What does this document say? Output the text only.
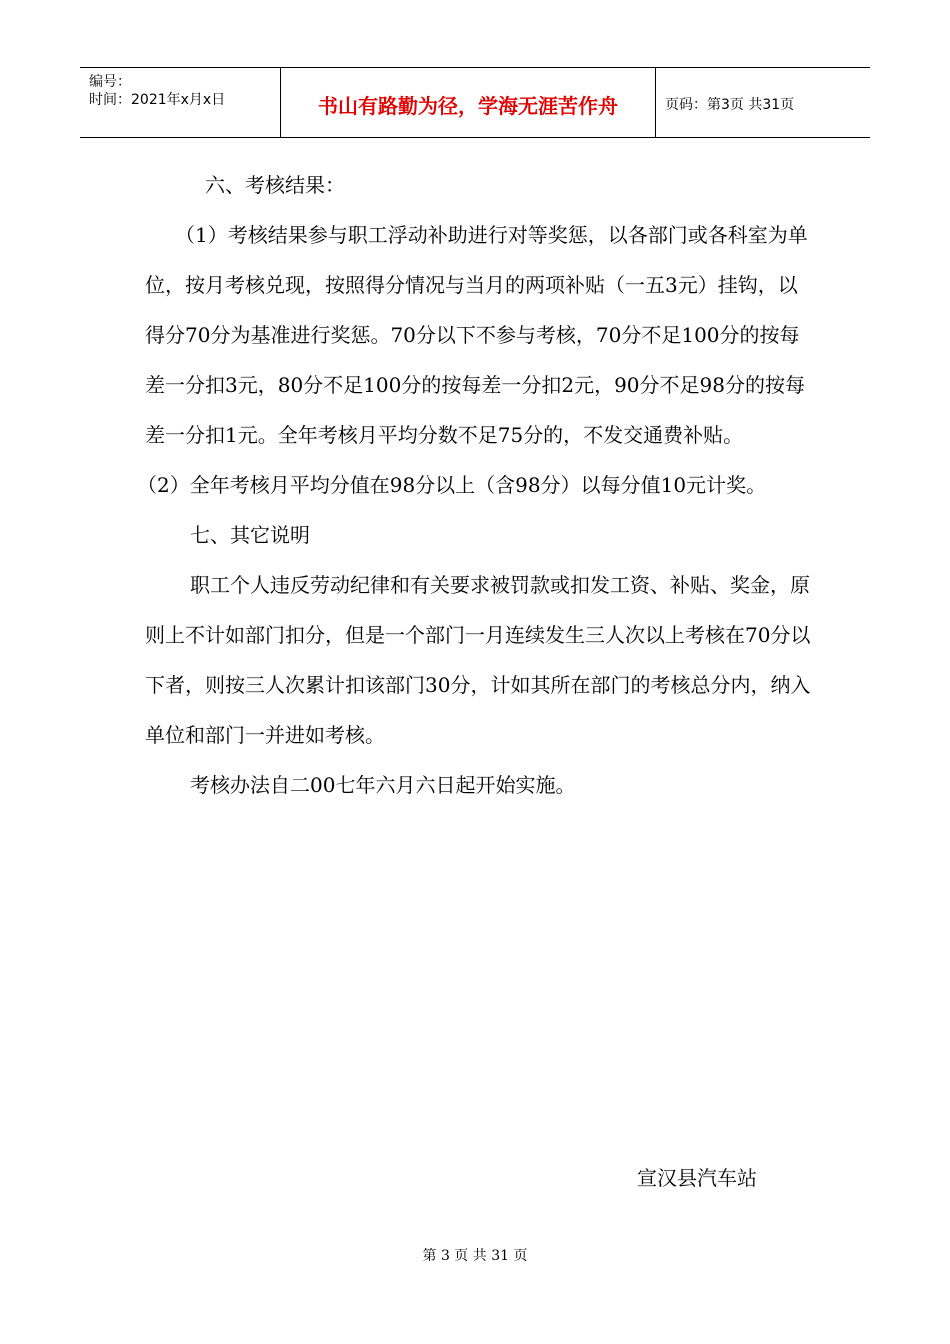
编号：
时间：2021年x月x日	书山有路勤为径，学海无涯苦作舟	页码：第3页 共31页

六、考核结果：

（1）考核结果参与职工浮动补助进行对等奖惩，以各部门或各科室为单位，按月考核兑现，按照得分情况与当月的两项补贴（一五3元）挂钩，以得分70分为基准进行奖惩。70分以下不参与考核，70分不足100分的按每差一分扣3元，80分不足100分的按每差一分扣2元，90分不足98分的按每差一分扣1元。全年考核月平均分数不足75分的，不发交通费补贴。

（2）全年考核月平均分值在98分以上（含98分）以每分值10元计奖。

七、其它说明

职工个人违反劳动纪律和有关要求被罚款或扣发工资、补贴、奖金，原则上不计如部门扣分，但是一个部门一月连续发生三人次以上考核在70分以下者，则按三人次累计扣该部门30分，计如其所在部门的考核总分内，纳入单位和部门一并进如考核。

考核办法自二00七年六月六日起开始实施。

宣汉县汽车站
第 3 页 共 31 页
